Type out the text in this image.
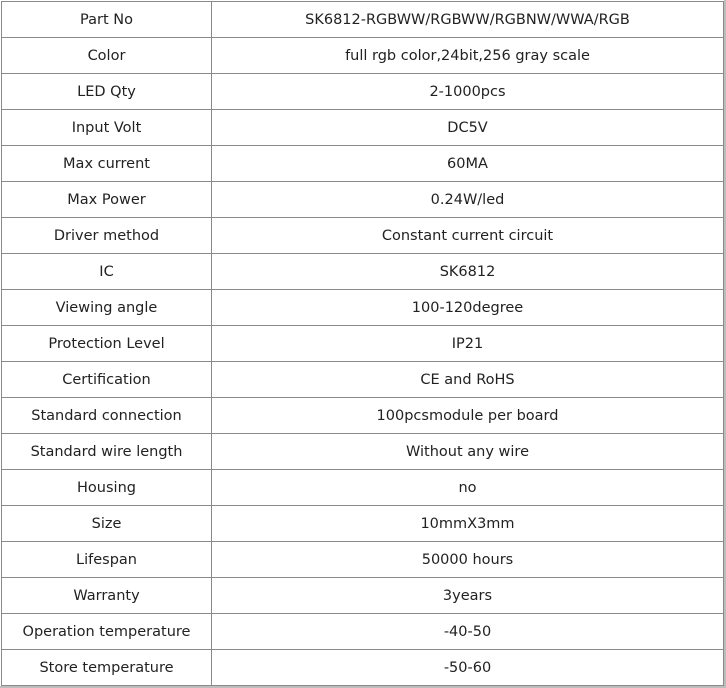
Part No	SK6812-RGBWW/RGBWW/RGBNW/WWA/RGB
Color	full rgb color,24bit,256 gray scale
LED Qty	2-1000pcs
Input Volt	DC5V
Max current	60MA
Max Power	0.24W/led
Driver method	Constant current circuit
IC	SK6812
Viewing angle	100-120degree
Protection Level	IP21
Certification	CE and RoHS
Standard connection	100pcsmodule per board
Standard wire length	Without any wire
Housing	no
Size	10mmX3mm
Lifespan	50000 hours
Warranty	3years
Operation temperature	-40-50
Store temperature	-50-60
